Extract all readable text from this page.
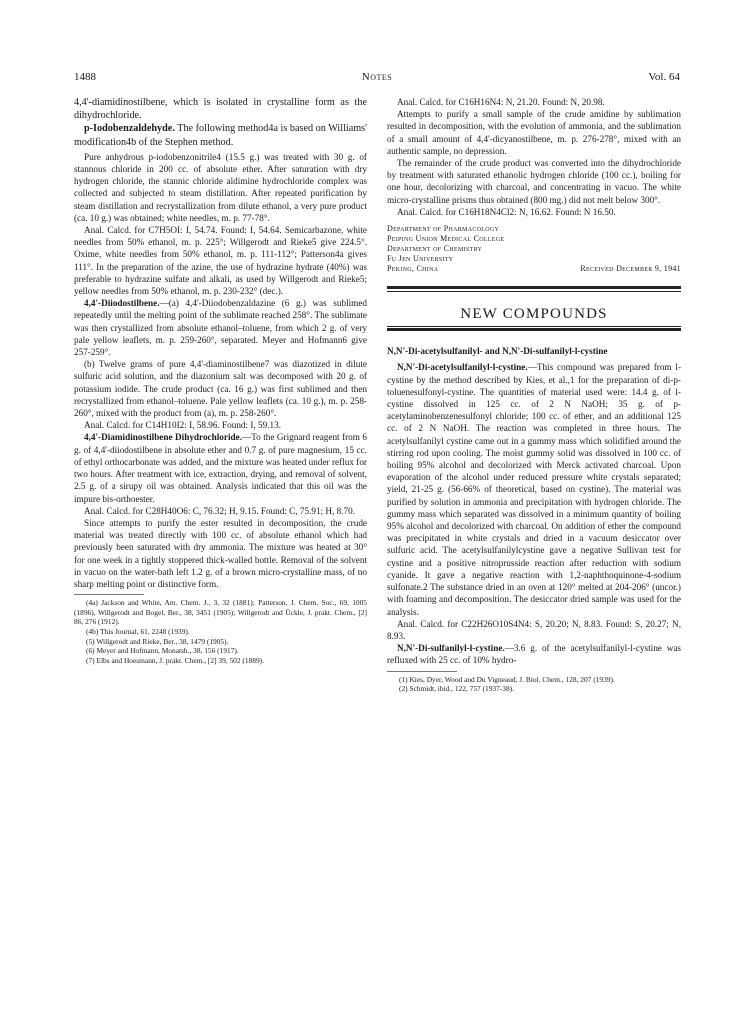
1488	Notes	Vol. 64

4,4'-diamidinostilbene, which is isolated in crystalline form as the dihydrochloride.

p-Iodobenzaldehyde. The following method4a is based on Williams' modification4b of the Stephen method.

Pure anhydrous p-iodobenzonitrile4 (15.5 g.) was treated with 30 g. of stannous chloride in 200 cc. of absolute ether. After saturation with dry hydrogen chloride, the stannic chloride aldimine hydrochloride complex was collected and subjected to steam distillation. After repeated purification by steam distillation and recrystallization from dilute ethanol, a very pure product (ca. 10 g.) was obtained; white needles, m. p. 77-78°.

Anal. Calcd. for C7H5OI: I, 54.74. Found: I, 54.64. Semicarbazone, white needles from 50% ethanol, m. p. 225°; Willgerodt and Rieke5 give 224.5°. Oxime, white needles from 50% ethanol, m. p. 111-112°; Patterson4a gives 111°. In the preparation of the azine, the use of hydrazine hydrate (40%) was preferable to hydrazine sulfate and alkali, as used by Willgerodt and Rieke5; yellow needles from 50% ethanol, m. p. 230-232° (dec.).

4,4'-Diiodostilbene.—(a) 4,4'-Diiodobenzaldazine (6 g.) was sublimed repeatedly until the melting point of the sublimate reached 258°. The sublimate was then crystallized from absolute ethanol–toluene, from which 2 g. of very pale yellow leaflets, m. p. 259-260°, separated. Meyer and Hofmann6 give 257-259°.

(b) Twelve grams of pure 4,4'-diaminostilbene7 was diazotized in dilute sulfuric acid solution, and the diazonium salt was decomposed with 20 g. of potassium iodide. The crude product (ca. 16 g.) was first sublimed and then recrystallized from ethanol–toluene. Pale yellow leaflets (ca. 10 g.), m. p. 258-260°, mixed with the product from (a), m. p. 258-260°.

Anal. Calcd. for C14H10I2: I, 58.96. Found: I, 59.13.

4,4'-Diamidinostilbene Dihydrochloride.—To the Grignard reagent from 6 g. of 4,4'-diiodostilbene in absolute ether and 0.7 g. of pure magnesium, 15 cc. of ethyl orthocarbonate was added, and the mixture was heated under reflux for two hours. After treatment with ice, extraction, drying, and removal of solvent, 2.5 g. of a sirupy oil was obtained. Analysis indicated that this oil was the impure bis-orthoester.

Anal. Calcd. for C28H40O6: C, 76.32; H, 9.15. Found: C, 75.91; H, 8.70.

Since attempts to purify the ester resulted in decomposition, the crude material was treated directly with 100 cc. of absolute ethanol which had previously been saturated with dry ammonia. The mixture was heated at 30° for one week in a tightly stoppered thick-walled bottle. Removal of the solvent in vacuo on the water-bath left 1.2 g. of a brown micro-crystalline mass, of no sharp melting point or distinctive form.

(4a) Jackson and White, Am. Chem. J., 3, 32 (1881); Patterson, J. Chem. Soc., 69, 1005 (1896), Willgerodt and Bogel, Ber., 38, 3451 (1905); Willgerodt and Ückle, J. prakt. Chem., [2] 86, 276 (1912).

(4b) This Journal, 61, 2248 (1939).

(5) Willgerodt and Rieke, Ber., 38, 1479 (1905).

(6) Meyer and Hofmann, Monatsh., 38, 156 (1917).

(7) Elbs and Hoesmann, J. prakt. Chem., [2] 39, 502 (1889).

Anal. Calcd. for C16H16N4: N, 21.20. Found: N, 20.98.

Attempts to purify a small sample of the crude amidine by sublimation resulted in decomposition, with the evolution of ammonia, and the sublimation of a small amount of 4,4'-dicyanostilbene, m. p. 276-278°, mixed with an authentic sample, no depression.

The remainder of the crude product was converted into the dihydrochloride by treatment with saturated ethanolic hydrogen chloride (100 cc.), boiling for one hour, decolorizing with charcoal, and concentrating in vacuo. The white micro-crystalline prisms thus obtained (800 mg.) did not melt below 300°.

Anal. Calcd. for C16H18N4Cl2: N, 16.62. Found: N 16.50.

Department of Pharmacology
Peiping Union Medical College
Department of Chemistry
Fu Jen University
Peking, China	Received December 9, 1941
NEW COMPOUNDS

N,N'-Di-acetylsulfanilyl- and N,N'-Di-sulfanilyl-l-cystine

N,N'-Di-acetylsulfanilyl-l-cystine.—This compound was prepared from l-cystine by the method described by Kies, et al.,1 for the preparation of di-p-toluenesulfonyl-cystine. The quantities of material used were: 14.4 g. of l-cystine dissolved in 125 cc. of 2 N NaOH; 35 g. of p-acetylaminobenzenesulfonyl chloride; 100 cc. of ether, and an additional 125 cc. of 2 N NaOH. The reaction was completed in three hours. The acetylsulfanilyl cystine came out in a gummy mass which solidified around the stirring rod upon cooling. The moist gummy solid was dissolved in 100 cc. of boiling 95% alcohol and decolorized with Merck activated charcoal. Upon evaporation of the alcohol under reduced pressure white crystals separated; yield, 21-25 g. (56-66% of theoretical, based on cystine). The material was purified by solution in ammonia and precipitation with hydrogen chloride. The gummy mass which separated was dissolved in a minimum quantity of boiling 95% alcohol and decolorized with charcoal. On addition of ether the compound was precipitated in white crystals and dried in a vacuum desiccator over sulfuric acid. The acetylsulfanilylcystine gave a negative Sullivan test for cystine and a positive nitroprusside reaction after reduction with sodium cyanide. It gave a negative reaction with 1,2-naphthoquinone-4-sodium sulfonate.2 The substance dried in an oven at 120° melted at 204-206° (uncor.) with foaming and decomposition. The desiccator dried sample was used for the analysis.

Anal. Calcd. for C22H26O10S4N4: S, 20.20; N, 8.83. Found: S, 20.27; N, 8.93.

N,N'-Di-sulfanilyl-l-cystine.—3.6 g. of the acetylsulfanilyl-l-cystine was refluxed with 25 cc. of 10% hydro-

(1) Kies, Dyer, Wood and Du Vigneaud, J. Biol. Chem., 128, 207 (1939).

(2) Schmidt, ibid., 122, 757 (1937-38).
